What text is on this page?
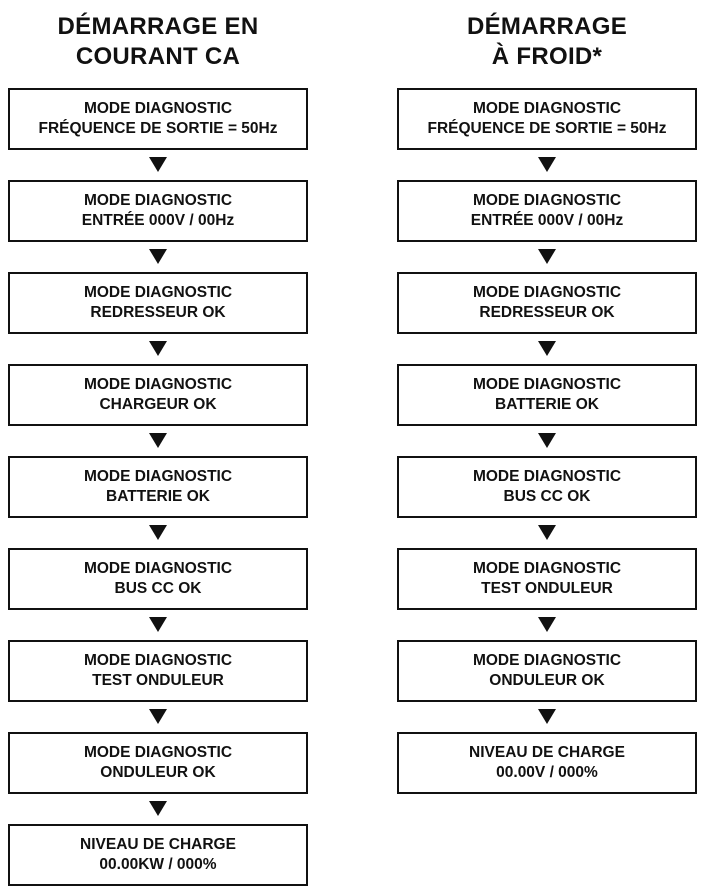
DÉMARRAGE EN
COURANT CA
MODE DIAGNOSTIC
FRÉQUENCE DE SORTIE = 50Hz
MODE DIAGNOSTIC
ENTRÉE 000V / 00Hz
MODE DIAGNOSTIC
REDRESSEUR OK
MODE DIAGNOSTIC
CHARGEUR OK
MODE DIAGNOSTIC
BATTERIE OK
MODE DIAGNOSTIC
BUS CC OK
MODE DIAGNOSTIC
TEST ONDULEUR
MODE DIAGNOSTIC
ONDULEUR OK
NIVEAU DE CHARGE
00.00KW / 000%
DÉMARRAGE
À FROID*
MODE DIAGNOSTIC
FRÉQUENCE DE SORTIE = 50Hz
MODE DIAGNOSTIC
ENTRÉE 000V / 00Hz
MODE DIAGNOSTIC
REDRESSEUR OK
MODE DIAGNOSTIC
BATTERIE OK
MODE DIAGNOSTIC
BUS CC OK
MODE DIAGNOSTIC
TEST ONDULEUR
MODE DIAGNOSTIC
ONDULEUR OK
NIVEAU DE CHARGE
00.00V / 000%
